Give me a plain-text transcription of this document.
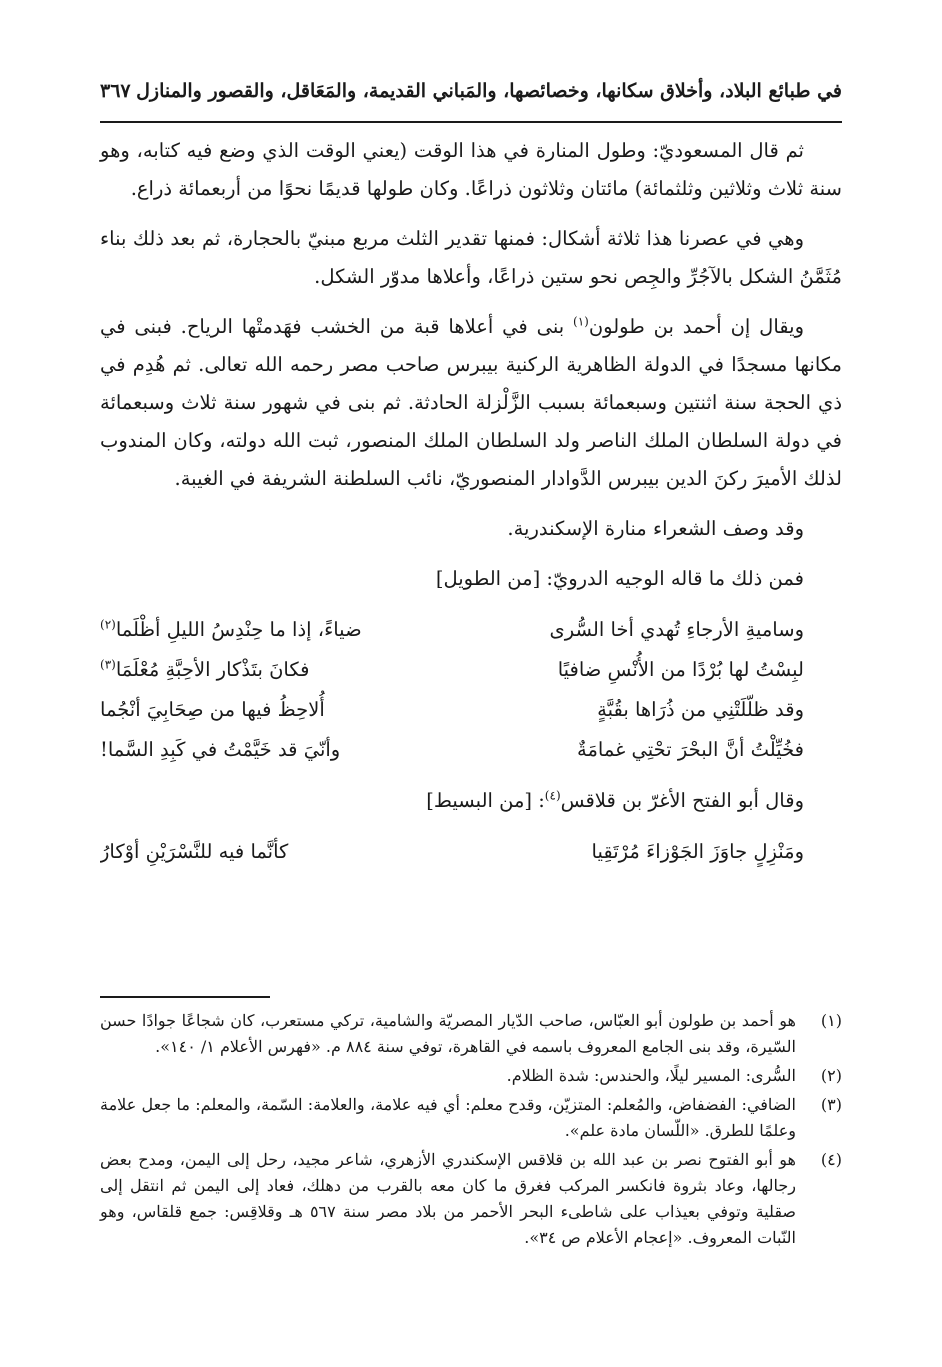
في طبائع البلاد، وأخلاق سكانها، وخصائصها، والمَباني القديمة، والمَعَاقل، والقصور والمنازل
٣٦٧

ثم قال المسعوديّ: وطول المنارة في هذا الوقت (يعني الوقت الذي وضع فيه كتابه، وهو سنة ثلاث وثلاثين وثلثمائة) مائتان وثلاثون ذراعًا. وكان طولها قديمًا نحوًا من أربعمائة ذراع.

وهي في عصرنا هذا ثلاثة أشكال: فمنها تقدير الثلث مربع مبنيّ بالحجارة، ثم بعد ذلك بناء مُثَمَّنُ الشكل بالآجُرِّ والجِص نحو ستين ذراعًا، وأعلاها مدوّر الشكل.

ويقال إن أحمد بن طولون$^{(١)}$ بنى في أعلاها قبة من الخشب فهَدمتْها الرياح. فبنى في مكانها مسجدًا في الدولة الظاهرية الركنية بيبرس صاحب مصر رحمه الله تعالى. ثم هُدِم في ذي الحجة سنة اثنتين وسبعمائة بسبب الزَّلْزلة الحادثة. ثم بنى في شهور سنة ثلاث وسبعمائة في دولة السلطان الملك الناصر ولد السلطان الملك المنصور، ثبت الله دولته، وكان المندوب لذلك الأميرَ ركنَ الدين بيبرس الدَّوادار المنصوريّ، نائب السلطنة الشريفة في الغيبة.

وقد وصف الشعراء منارة الإسكندرية.

فمن ذلك ما قاله الوجيه الدرويّ: [من الطويل]

وساميةِ الأرجاءِ تُهدي أخا السُّرى
ضياءً، إذا ما حِنْدِسُ الليلِ أظْلَما$^{(٢)}$
لبِسْتُ لها بُرْدًا من الأُنْسِ ضافيًا
فكانَ بتَذْكار الأحِبَّةِ مُعْلَمَا$^{(٣)}$
وقد ظلّلَتْنِي من ذُرَاها بقُبَّةٍ
أُلاحِظُ فيها من صِحَابِيَ أنْجُما
فخُيِّلْتُ أنَّ البحْرَ تحْتِي غمامَةٌ
وأنّيَ قد خَيَّمْتُ في كَبِدِ السَّما!

وقال أبو الفتح الأغرّ بن قلاقس$^{(٤)}$: [من البسيط]

ومَنْزِلٍ جاوَزَ الجَوْزاءَ مُرْتَقِيا
كأنَّما فيه للنَّسْرَيْنِ أوْكارُ
(١)
هو أحمد بن طولون أبو العبّاس، صاحب الدّيار المصريّة والشامية، تركي مستعرب، كان شجاعًا جوادًا حسن السّيرة، وقد بنى الجامع المعروف باسمه في القاهرة، توفي سنة ٨٨٤ م. «فهرس الأعلام ١/ ١٤٠».
(٢)
السُّرى: المسير ليلًا، والحندس: شدة الظلام.
(٣)
الضافي: الفضفاض، والمُعلم: المتزيّن، وقدح معلم: أي فيه علامة، والعلامة: السّمة، والمعلم: ما جعل علامة وعلمًا للطرق. «اللّسان مادة علم».
(٤)
هو أبو الفتوح نصر بن عبد الله بن قلاقس الإسكندري الأزهري، شاعر مجيد، رحل إلى اليمن، ومدح بعض رجالها، وعاد بثروة فانكسر المركب فغرق ما كان معه بالقرب من دهلك، فعاد إلى اليمن ثم انتقل إلى صقلية وتوفي بعيذاب على شاطىء البحر الأحمر من بلاد مصر سنة ٥٦٧ هـ وقلاقِس: جمع قلقاس، وهو النّبات المعروف. «إعجام الأعلام ص ٣٤».
